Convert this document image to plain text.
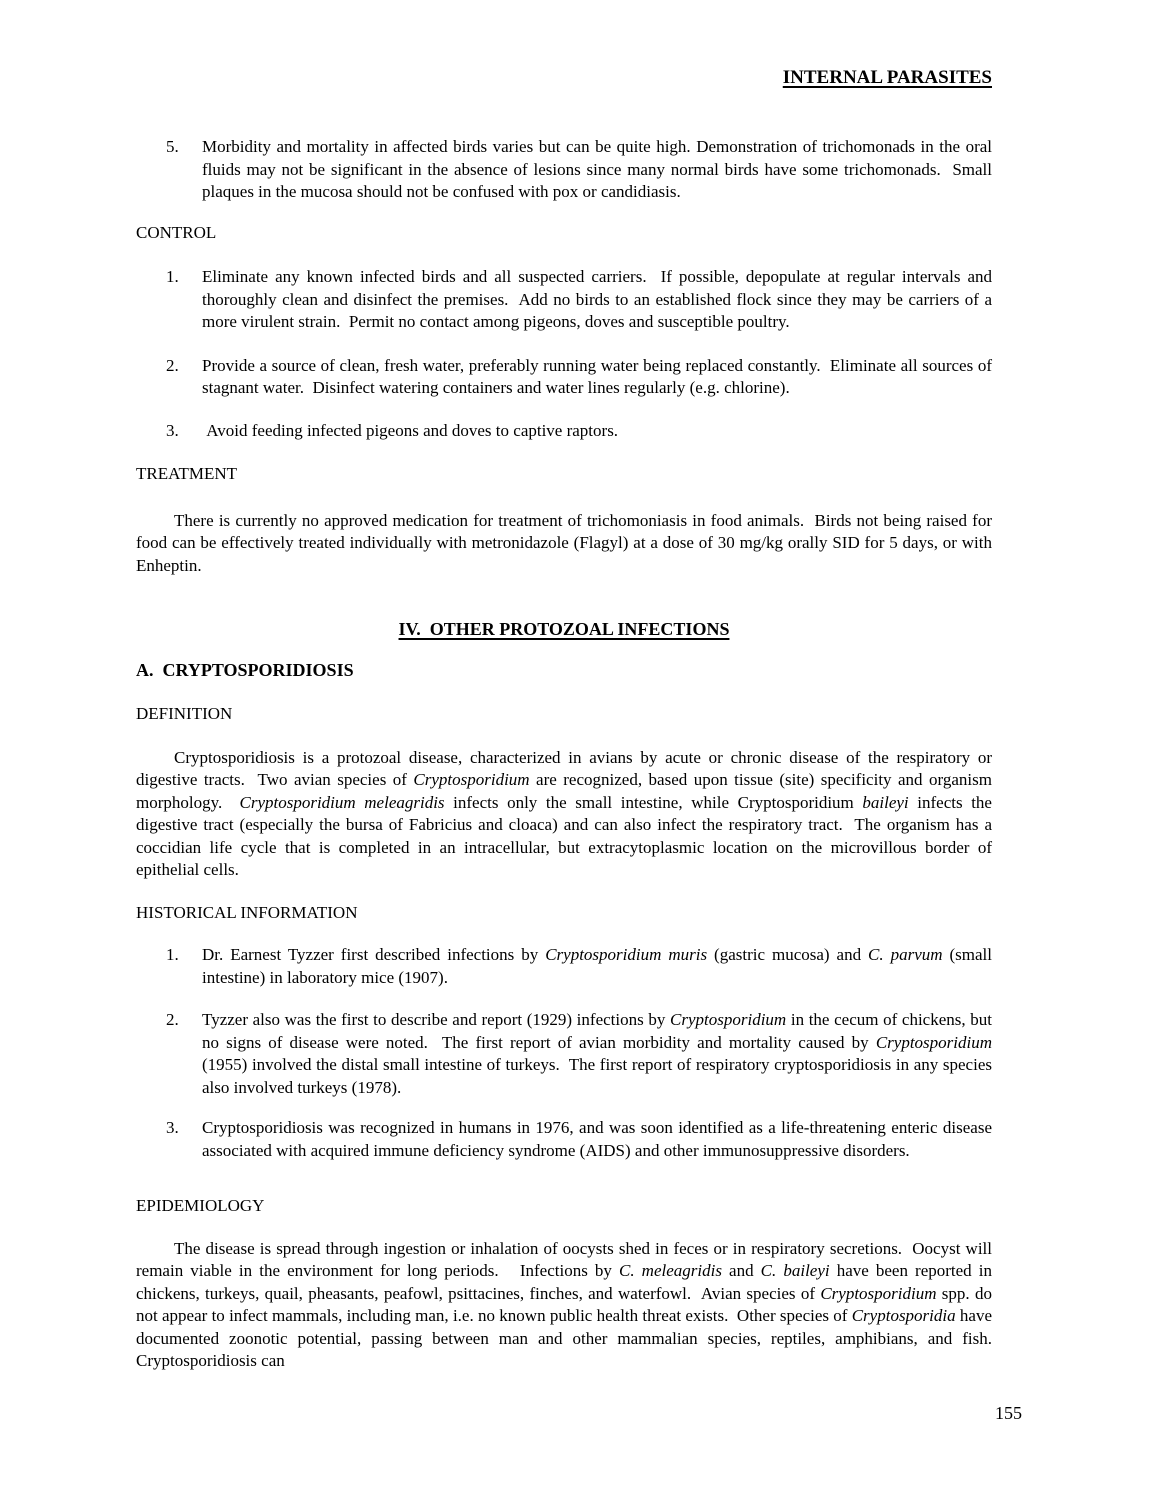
INTERNAL PARASITES
5.	Morbidity and mortality in affected birds varies but can be quite high. Demonstration of trichomonads in the oral fluids may not be significant in the absence of lesions since many normal birds have some trichomonads.  Small plaques in the mucosa should not be confused with pox or candidiasis.
CONTROL
1.	Eliminate any known infected birds and all suspected carriers.  If possible, depopulate at regular intervals and thoroughly clean and disinfect the premises.  Add no birds to an established flock since they may be carriers of a more virulent strain.  Permit no contact among pigeons, doves and susceptible poultry.
2.	Provide a source of clean, fresh water, preferably running water being replaced constantly.  Eliminate all sources of stagnant water.  Disinfect watering containers and water lines regularly (e.g. chlorine).
3.	Avoid feeding infected pigeons and doves to captive raptors.
TREATMENT
There is currently no approved medication for treatment of trichomoniasis in food animals.  Birds not being raised for food can be effectively treated individually with metronidazole (Flagyl) at a dose of 30 mg/kg orally SID for 5 days, or with Enheptin.
IV.  OTHER PROTOZOAL INFECTIONS
A.  CRYPTOSPORIDIOSIS
DEFINITION
Cryptosporidiosis is a protozoal disease, characterized in avians by acute or chronic disease of the respiratory or digestive tracts.  Two avian species of Cryptosporidium are recognized, based upon tissue (site) specificity and organism morphology.  Cryptosporidium meleagridis infects only the small intestine, while Cryptosporidium baileyi infects the digestive tract (especially the bursa of Fabricius and cloaca) and can also infect the respiratory tract.  The organism has a coccidian life cycle that is completed in an intracellular, but extracytoplasmic location on the microvillous border of epithelial cells.
HISTORICAL INFORMATION
1.	Dr. Earnest Tyzzer first described infections by Cryptosporidium muris (gastric mucosa) and C. parvum (small intestine) in laboratory mice (1907).
2.	Tyzzer also was the first to describe and report (1929) infections by Cryptosporidium in the cecum of chickens, but no signs of disease were noted.  The first report of avian morbidity and mortality caused by Cryptosporidium (1955) involved the distal small intestine of turkeys.  The first report of respiratory cryptosporidiosis in any species also involved turkeys (1978).
3.	Cryptosporidiosis was recognized in humans in 1976, and was soon identified as a life-threatening enteric disease associated with acquired immune deficiency syndrome (AIDS) and other immunosuppressive disorders.
EPIDEMIOLOGY
The disease is spread through ingestion or inhalation of oocysts shed in feces or in respiratory secretions.  Oocyst will remain viable in the environment for long periods.   Infections by C. meleagridis and C. baileyi have been reported in chickens, turkeys, quail, pheasants, peafowl, psittacines, finches, and waterfowl.  Avian species of Cryptosporidium spp. do not appear to infect mammals, including man, i.e. no known public health threat exists.  Other species of Cryptosporidia have documented zoonotic potential, passing between man and other mammalian species, reptiles, amphibians, and fish.   Cryptosporidiosis can
155
